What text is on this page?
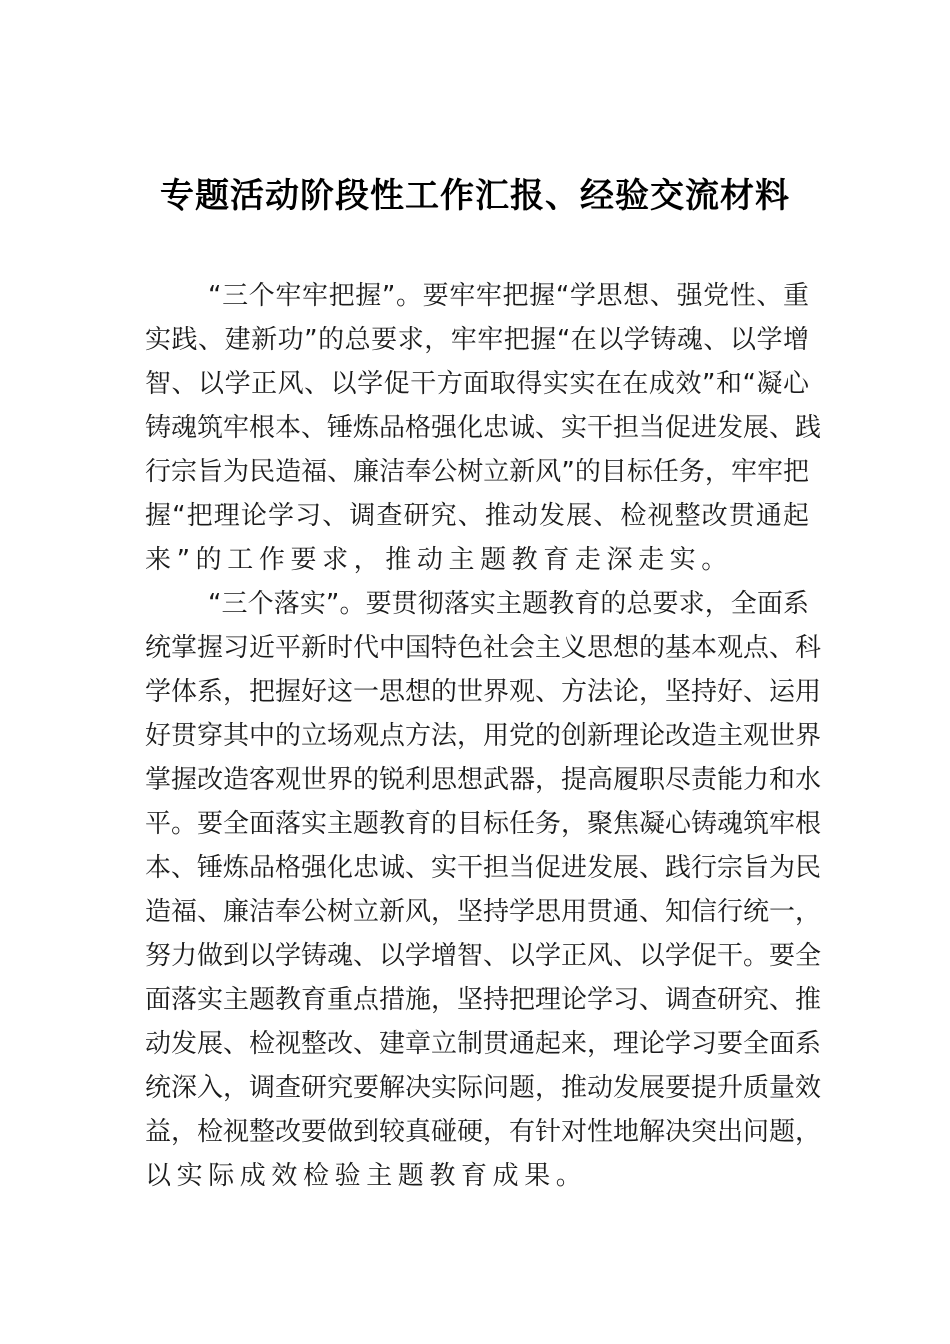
专题活动阶段性工作汇报、经验交流材料
“三个牢牢把握”。要牢牢把握“学思想、强党性、重
实践、建新功”的总要求，牢牢把握“在以学铸魂、以学增
智、以学正风、以学促干方面取得实实在在成效”和“凝心
铸魂筑牢根本、锤炼品格强化忠诚、实干担当促进发展、践
行宗旨为民造福、廉洁奉公树立新风”的目标任务，牢牢把
握“把理论学习、调查研究、推动发展、检视整改贯通起
来”的工作要求，推动主题教育走深走实。
“三个落实”。要贯彻落实主题教育的总要求，全面系
统掌握习近平新时代中国特色社会主义思想的基本观点、科
学体系，把握好这一思想的世界观、方法论，坚持好、运用
好贯穿其中的立场观点方法，用党的创新理论改造主观世界
掌握改造客观世界的锐利思想武器，提高履职尽责能力和水
平。要全面落实主题教育的目标任务，聚焦凝心铸魂筑牢根
本、锤炼品格强化忠诚、实干担当促进发展、践行宗旨为民
造福、廉洁奉公树立新风，坚持学思用贯通、知信行统一，
努力做到以学铸魂、以学增智、以学正风、以学促干。要全
面落实主题教育重点措施，坚持把理论学习、调查研究、推
动发展、检视整改、建章立制贯通起来，理论学习要全面系
统深入，调查研究要解决实际问题，推动发展要提升质量效
益，检视整改要做到较真碰硬，有针对性地解决突出问题，
以实际成效检验主题教育成果。
